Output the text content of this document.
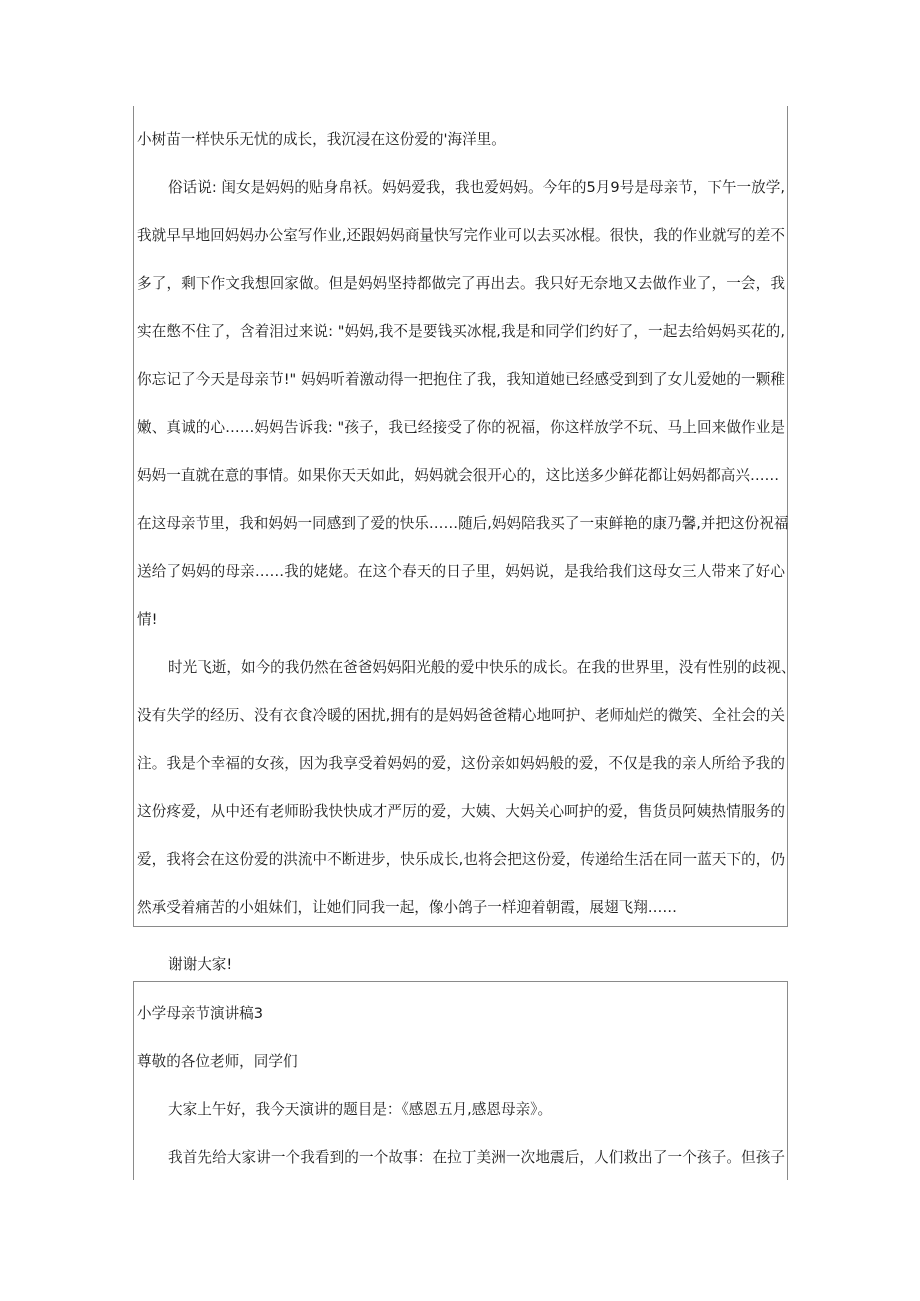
小树苗一样快乐无忧的成长，我沉浸在这份爱的'海洋里。
俗话说: 闺女是妈妈的贴身帛袄。妈妈爱我，我也爱妈妈。今年的5月9号是母亲节，下午一放学,
我就早早地回妈妈办公室写作业,还跟妈妈商量快写完作业可以去买冰棍。很快，我的作业就写的差不
多了，剩下作文我想回家做。但是妈妈坚持都做完了再出去。我只好无奈地又去做作业了，一会，我
实在憋不住了，含着泪过来说: "妈妈,我不是要钱买冰棍,我是和同学们约好了，一起去给妈妈买花的,
你忘记了今天是母亲节!" 妈妈听着激动得一把抱住了我，我知道她已经感受到到了女儿爱她的一颗稚
嫩、真诚的心……妈妈告诉我: "孩子，我已经接受了你的祝福，你这样放学不玩、马上回来做作业是
妈妈一直就在意的事情。如果你天天如此，妈妈就会很开心的，这比送多少鲜花都让妈妈都高兴……
在这母亲节里，我和妈妈一同感到了爱的快乐……随后,妈妈陪我买了一束鲜艳的康乃馨,并把这份祝福
送给了妈妈的母亲……我的姥姥。在这个春天的日子里，妈妈说，是我给我们这母女三人带来了好心
情!
时光飞逝，如今的我仍然在爸爸妈妈阳光般的爱中快乐的成长。在我的世界里，没有性别的歧视、
没有失学的经历、没有衣食冷暖的困扰,拥有的是妈妈爸爸精心地呵护、老师灿烂的微笑、全社会的关
注。我是个幸福的女孩，因为我享受着妈妈的爱，这份亲如妈妈般的爱，不仅是我的亲人所给予我的
这份疼爱，从中还有老师盼我快快成才严厉的爱，大姨、大妈关心呵护的爱，售货员阿姨热情服务的
爱，我将会在这份爱的洪流中不断进步，快乐成长,也将会把这份爱，传递给生活在同一蓝天下的，仍
然承受着痛苦的小姐妹们，让她们同我一起，像小鸽子一样迎着朝霞，展翅飞翔……
谢谢大家!
小学母亲节演讲稿3
尊敬的各位老师，同学们
大家上午好，我今天演讲的题目是：《感恩五月,感恩母亲》。
我首先给大家讲一个我看到的一个故事：在拉丁美洲一次地震后，人们救出了一个孩子。但孩子
